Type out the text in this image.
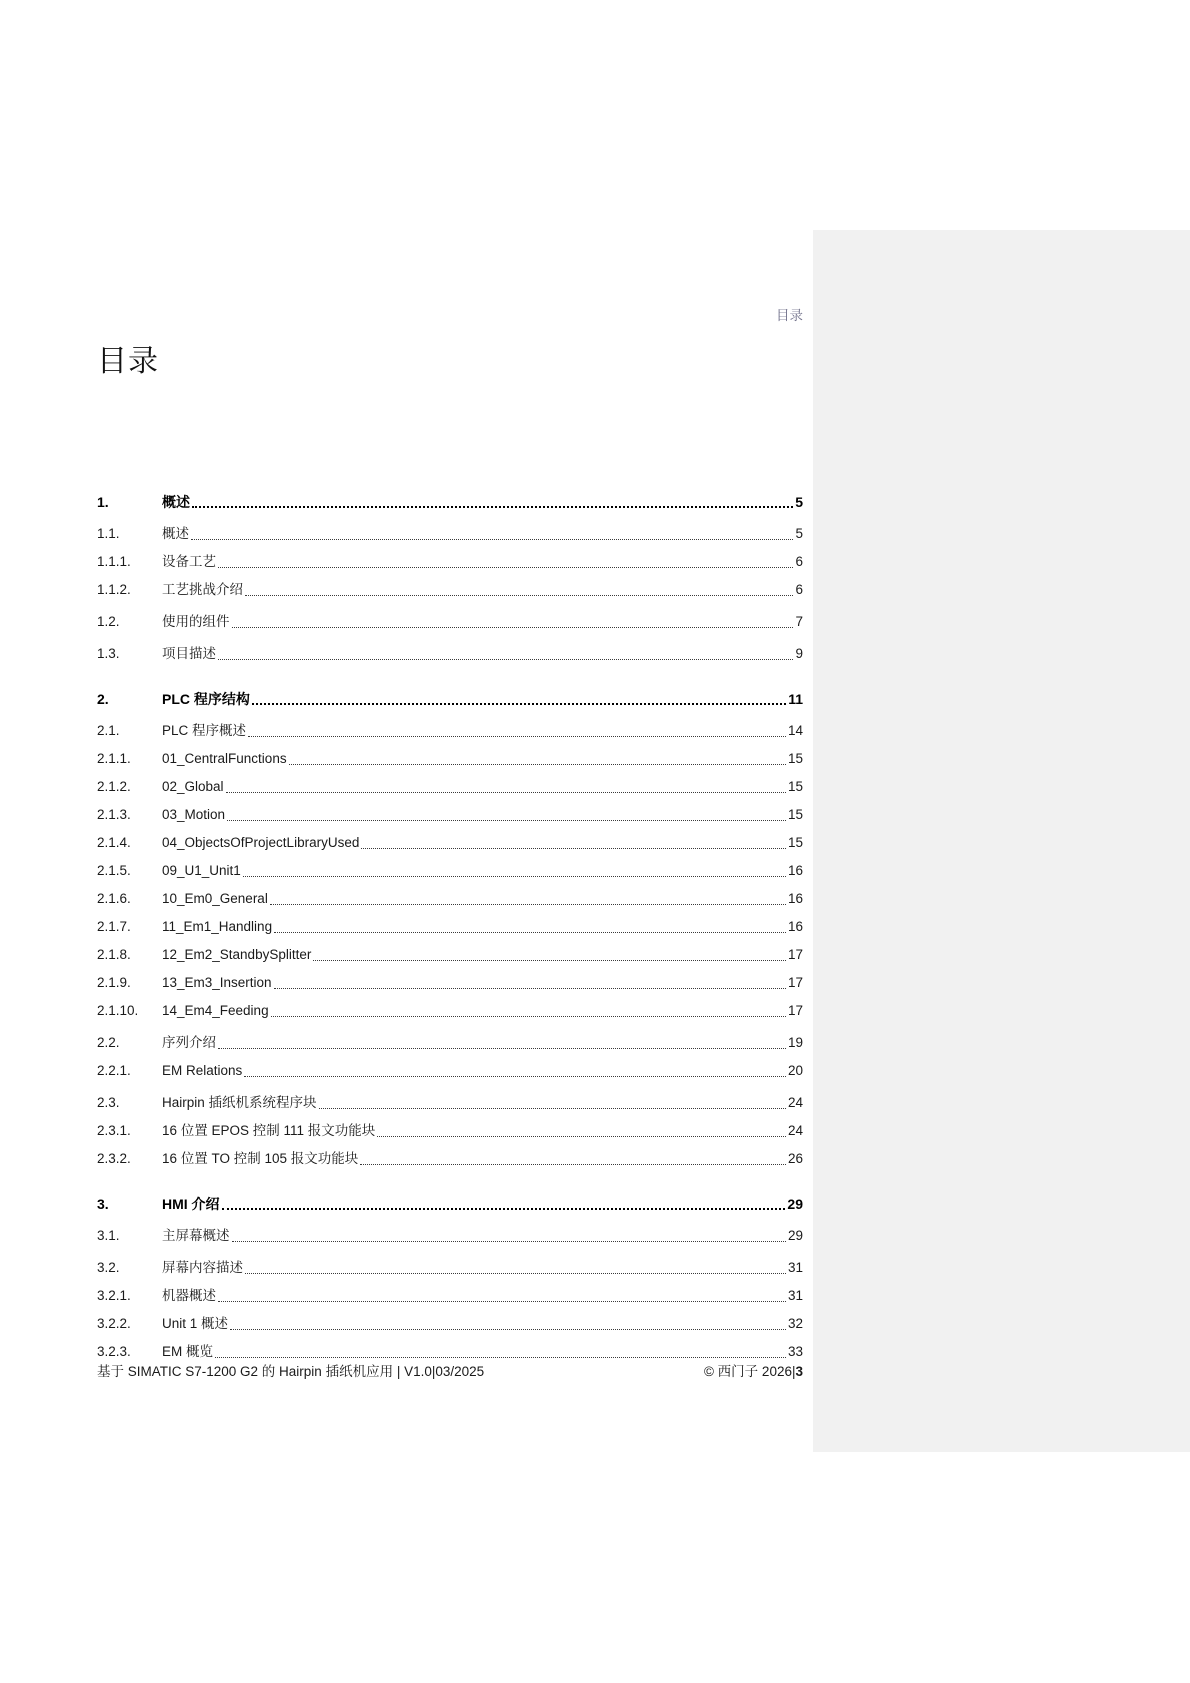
目录
目录
1.	概述	5
1.1.	概述	5
1.1.1.	设备工艺	6
1.1.2.	工艺挑战介绍	6
1.2.	使用的组件	7
1.3.	项目描述	9
2.	PLC 程序结构	11
2.1.	PLC 程序概述	14
2.1.1.	01_CentralFunctions	15
2.1.2.	02_Global	15
2.1.3.	03_Motion	15
2.1.4.	04_ObjectsOfProjectLibraryUsed	15
2.1.5.	09_U1_Unit1	16
2.1.6.	10_Em0_General	16
2.1.7.	11_Em1_Handling	16
2.1.8.	12_Em2_StandbySplitter	17
2.1.9.	13_Em3_Insertion	17
2.1.10.	14_Em4_Feeding	17
2.2.	序列介绍	19
2.2.1.	EM Relations	20
2.3.	Hairpin 插纸机系统程序块	24
2.3.1.	16 位置 EPOS 控制 111 报文功能块	24
2.3.2.	16 位置 TO 控制 105 报文功能块	26
3.	HMI 介绍	29
3.1.	主屏幕概述	29
3.2.	屏幕内容描述	31
3.2.1.	机器概述	31
3.2.2.	Unit 1 概述	32
3.2.3.	EM 概览	33
基于 SIMATIC S7-1200 G2 的 Hairpin 插纸机应用 | V1.0|03/2025	© 西门子 2026|3
